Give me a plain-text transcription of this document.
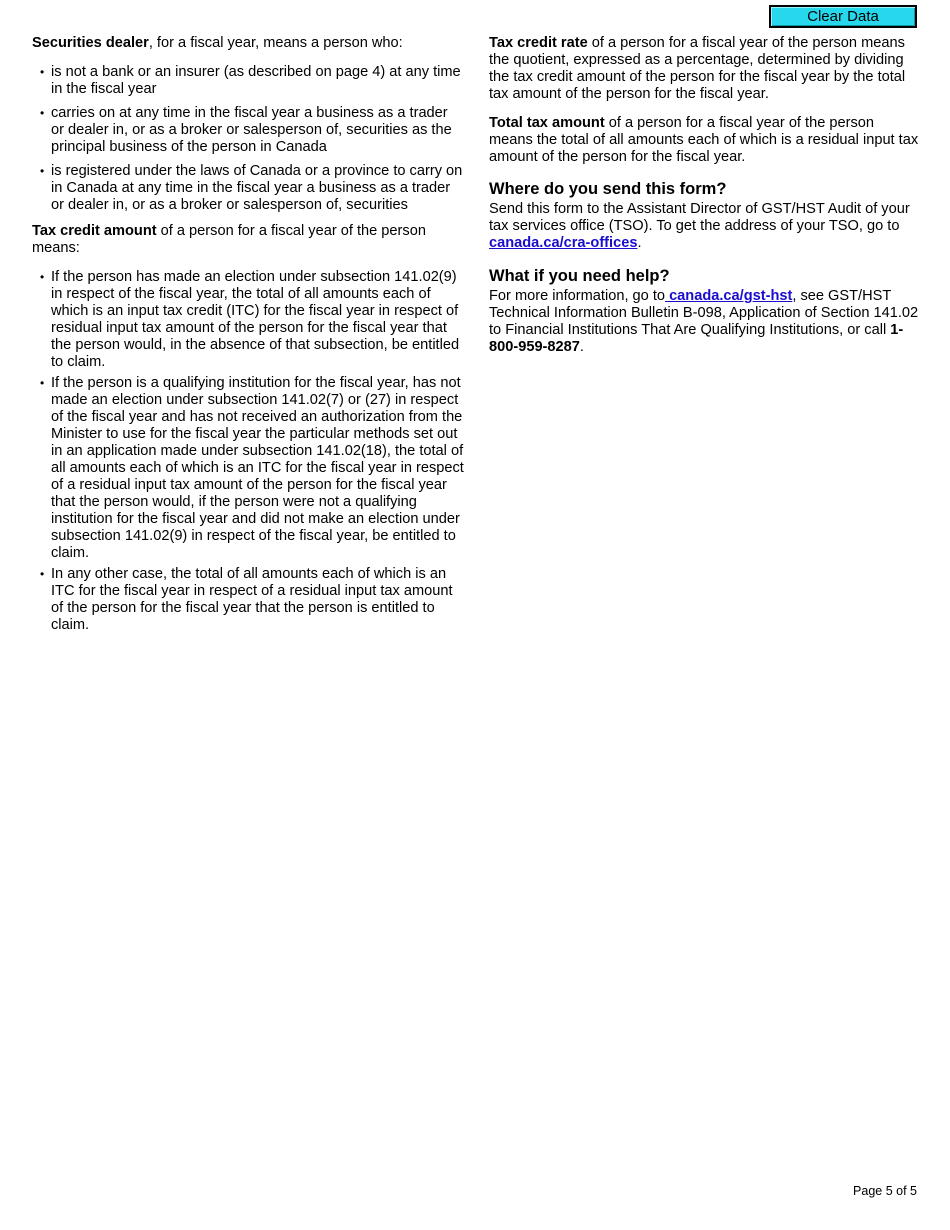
Clear Data

Securities dealer, for a fiscal year, means a person who:

• is not a bank or an insurer (as described on page 4) at any time in the fiscal year
• carries on at any time in the fiscal year a business as a trader or dealer in, or as a broker or salesperson of, securities as the principal business of the person in Canada
• is registered under the laws of Canada or a province to carry on in Canada at any time in the fiscal year a business as a trader or dealer in, or as a broker or salesperson of, securities

Tax credit amount of a person for a fiscal year of the person means:

• If the person has made an election under subsection 141.02(9) in respect of the fiscal year, the total of all amounts each of which is an input tax credit (ITC) for the fiscal year in respect of residual input tax amount of the person for the fiscal year that the person would, in the absence of that subsection, be entitled to claim.
• If the person is a qualifying institution for the fiscal year, has not made an election under subsection 141.02(7) or (27) in respect of the fiscal year and has not received an authorization from the Minister to use for the fiscal year the particular methods set out in an application made under subsection 141.02(18), the total of all amounts each of which is an ITC for the fiscal year in respect of a residual input tax amount of the person for the fiscal year that the person would, if the person were not a qualifying institution for the fiscal year and did not make an election under subsection 141.02(9) in respect of the fiscal year, be entitled to claim.
• In any other case, the total of all amounts each of which is an ITC for the fiscal year in respect of a residual input tax amount of the person for the fiscal year that the person is entitled to claim.

Tax credit rate of a person for a fiscal year of the person means the quotient, expressed as a percentage, determined by dividing the tax credit amount of the person for the fiscal year by the total tax amount of the person for the fiscal year.

Total tax amount of a person for a fiscal year of the person means the total of all amounts each of which is a residual input tax amount of the person for the fiscal year.

Where do you send this form?

Send this form to the Assistant Director of GST/HST Audit of your tax services office (TSO). To get the address of your TSO, go to canada.ca/cra-offices.

What if you need help?

For more information, go to canada.ca/gst-hst, see GST/HST Technical Information Bulletin B-098, Application of Section 141.02 to Financial Institutions That Are Qualifying Institutions, or call 1-800-959-8287.

Page 5 of 5
